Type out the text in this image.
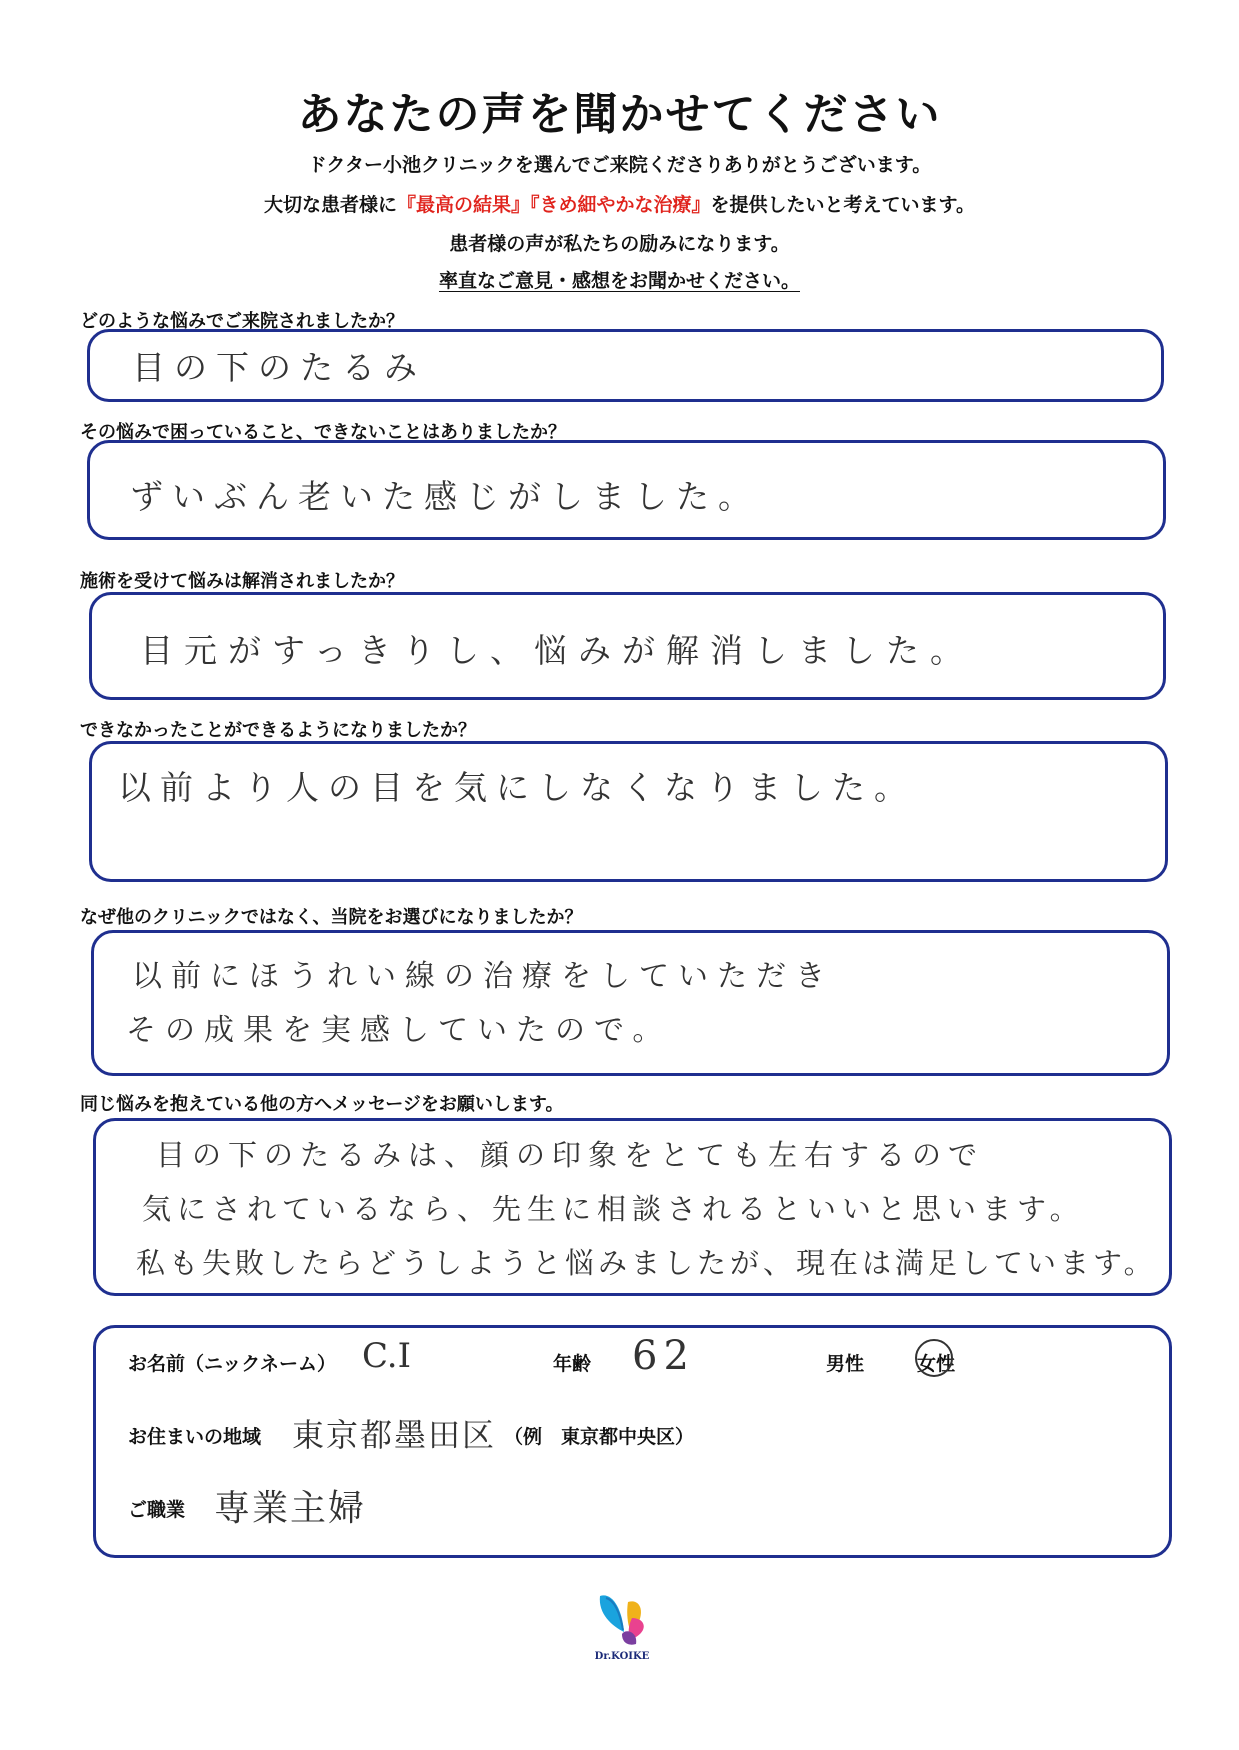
あなたの声を聞かせてください
ドクター小池クリニックを選んでご来院くださりありがとうございます。
大切な患者様に『最高の結果』『きめ細やかな治療』を提供したいと考えています。
患者様の声が私たちの励みになります。
率直なご意見・感想をお聞かせください。
どのような悩みでご来院されましたか？
目の下のたるみ
その悩みで困っていること、できないことはありましたか？
ずいぶん老いた感じがしました。
施術を受けて悩みは解消されましたか？
目元がすっきりし、悩みが解消しました。
できなかったことができるようになりましたか？
以前より人の目を気にしなくなりました。
なぜ他のクリニックではなく、当院をお選びになりましたか？
以前にほうれい線の治療をしていただき
その成果を実感していたので。
同じ悩みを抱えている他の方へメッセージをお願いします。
目の下のたるみは、顔の印象をとても左右するので
気にされているなら、先生に相談されるといいと思います。
私も失敗したらどうしようと悩みましたが、現在は満足しています。
お名前（ニックネーム） C.I	年齢 62	男性	女性
お住まいの地域 東京都墨田区 （例　東京都中央区）
ご職業 専業主婦
Dr.KOIKE
